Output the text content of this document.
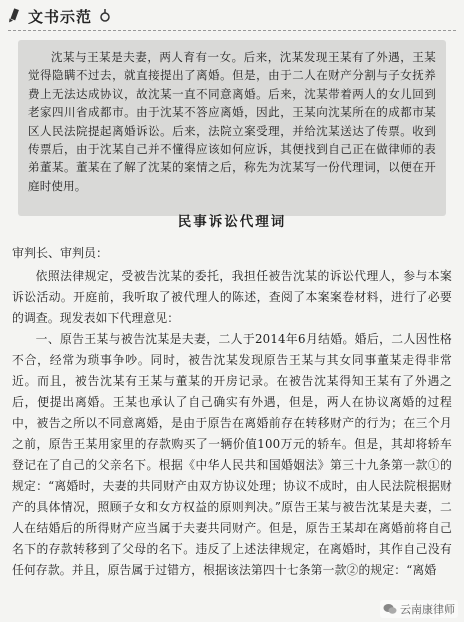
文书示范

沈某与王某是夫妻，两人育有一女。后来，沈某发现王某有了外遇，王某觉得隐瞒不过去，就直接提出了离婚。但是，由于二人在财产分割与子女抚养费上无法达成协议，故沈某一直不同意离婚。后来，沈某带着两人的女儿回到老家四川省成都市。由于沈某不答应离婚，因此，王某向沈某所在的成都市某区人民法院提起离婚诉讼。后来，法院立案受理，并给沈某送达了传票。收到传票后，由于沈某自己并不懂得应该如何应诉，其便找到自己正在做律师的表弟董某。董某在了解了沈某的案情之后，称先为沈某写一份代理词，以便在开庭时使用。

民事诉讼代理词
审判长、审判员：

依照法律规定，受被告沈某的委托，我担任被告沈某的诉讼代理人，参与本案诉讼活动。开庭前，我听取了被代理人的陈述，查阅了本案案卷材料，进行了必要的调查。现发表如下代理意见：

一、原告王某与被告沈某是夫妻，二人于2014年6月结婚。婚后，二人因性格不合，经常为琐事争吵。同时，被告沈某发现原告王某与其女同事董某走得非常近。而且，被告沈某有王某与董某的开房记录。在被告沈某得知王某有了外遇之后，便提出离婚。王某也承认了自己确实有外遇，但是，两人在协议离婚的过程中，被告之所以不同意离婚，是由于原告在离婚前存在转移财产的行为；在三个月之前，原告王某用家里的存款购买了一辆价值100万元的轿车。但是，其却将轿车登记在了自己的父亲名下。根据《中华人民共和国婚姻法》第三十九条第一款①的规定：“离婚时，夫妻的共同财产由双方协议处理；协议不成时，由人民法院根据财产的具体情况，照顾子女和女方权益的原则判决。”原告王某与被告沈某是夫妻，二人在结婚后的所得财产应当属于夫妻共同财产。但是，原告王某却在离婚前将自己名下的存款转移到了父母的名下。违反了上述法律规定，在离婚时，其作自己没有任何存款。并且，原告属于过错方，根据该法第四十七条第一款②的规定：“离婚

云南康律师
